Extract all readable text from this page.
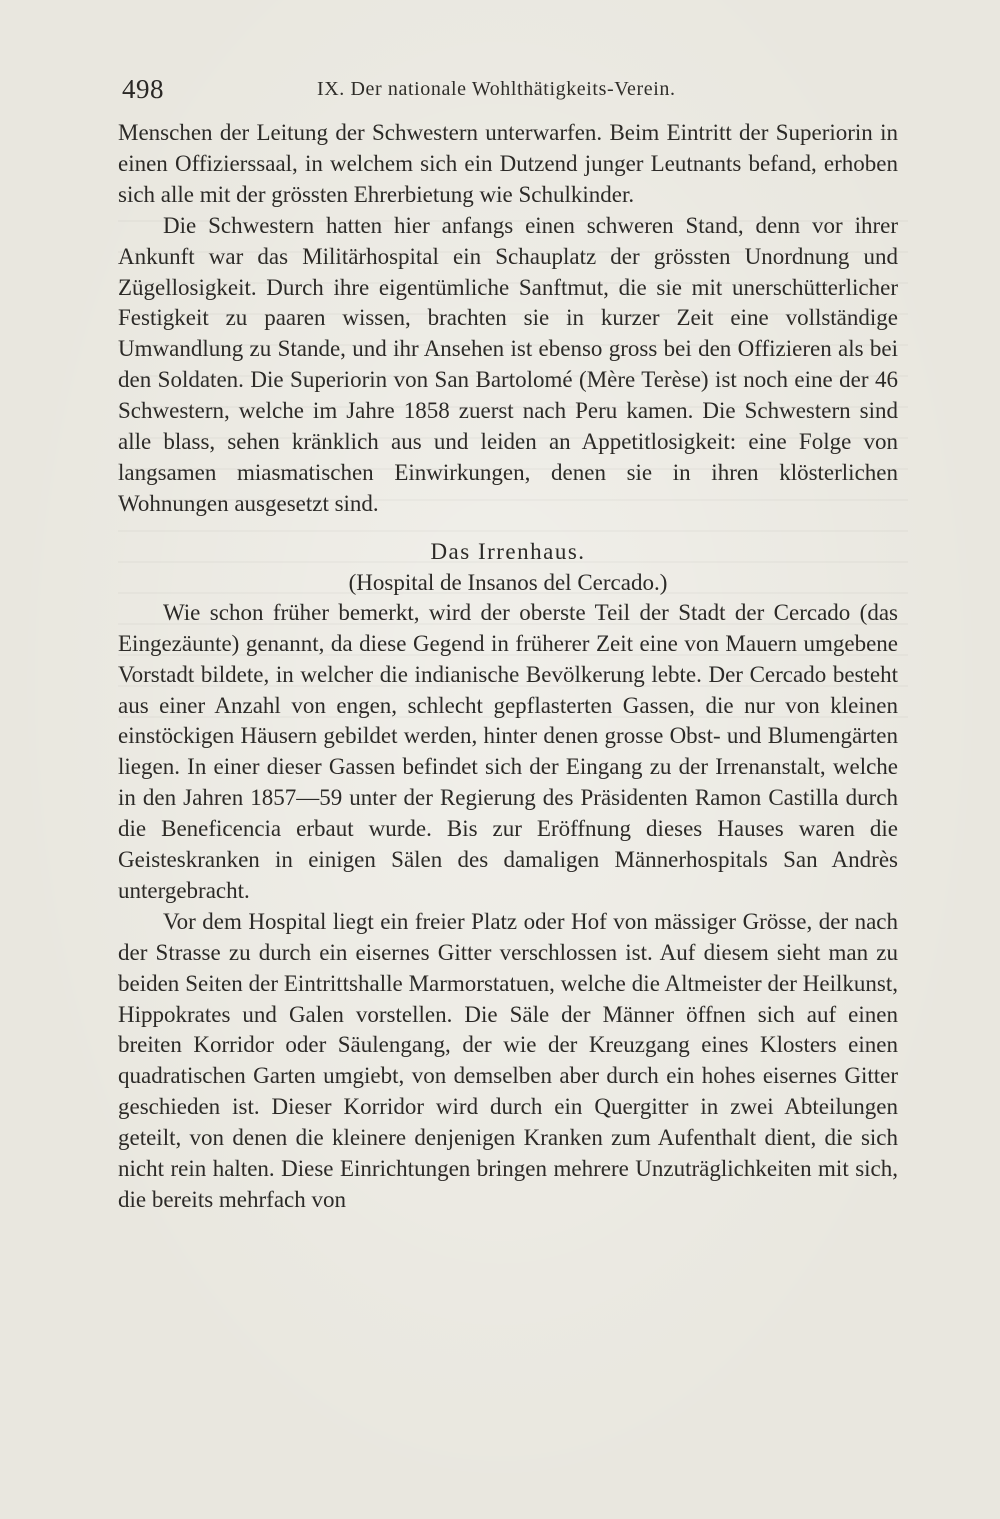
498	IX. Der nationale Wohlthätigkeits-Verein.

Menschen der Leitung der Schwestern unterwarfen. Beim Eintritt der Superiorin in einen Offizierssaal, in welchem sich ein Dutzend junger Leutnants befand, erhoben sich alle mit der grössten Ehrerbietung wie Schulkinder.

Die Schwestern hatten hier anfangs einen schweren Stand, denn vor ihrer Ankunft war das Militärhospital ein Schauplatz der grössten Unordnung und Zügellosigkeit. Durch ihre eigentümliche Sanftmut, die sie mit unerschütterlicher Festigkeit zu paaren wissen, brachten sie in kurzer Zeit eine vollständige Umwandlung zu Stande, und ihr Ansehen ist ebenso gross bei den Offizieren als bei den Soldaten. Die Superiorin von San Bartolomé (Mère Terèse) ist noch eine der 46 Schwestern, welche im Jahre 1858 zuerst nach Peru kamen. Die Schwestern sind alle blass, sehen kränklich aus und leiden an Appetitlosigkeit: eine Folge von langsamen miasmatischen Einwirkungen, denen sie in ihren klösterlichen Wohnungen ausgesetzt sind.

Das Irrenhaus.

(Hospital de Insanos del Cercado.)

Wie schon früher bemerkt, wird der oberste Teil der Stadt der Cercado (das Eingezäunte) genannt, da diese Gegend in früherer Zeit eine von Mauern umgebene Vorstadt bildete, in welcher die indianische Bevölkerung lebte. Der Cercado besteht aus einer Anzahl von engen, schlecht gepflasterten Gassen, die nur von kleinen einstöckigen Häusern gebildet werden, hinter denen grosse Obst- und Blumengärten liegen. In einer dieser Gassen befindet sich der Eingang zu der Irrenanstalt, welche in den Jahren 1857—59 unter der Regierung des Präsidenten Ramon Castilla durch die Beneficencia erbaut wurde. Bis zur Eröffnung dieses Hauses waren die Geisteskranken in einigen Sälen des damaligen Männerhospitals San Andrès untergebracht.

Vor dem Hospital liegt ein freier Platz oder Hof von mässiger Grösse, der nach der Strasse zu durch ein eisernes Gitter verschlossen ist. Auf diesem sieht man zu beiden Seiten der Eintrittshalle Marmorstatuen, welche die Altmeister der Heilkunst, Hippokrates und Galen vorstellen. Die Säle der Männer öffnen sich auf einen breiten Korridor oder Säulengang, der wie der Kreuzgang eines Klosters einen quadratischen Garten umgiebt, von demselben aber durch ein hohes eisernes Gitter geschieden ist. Dieser Korridor wird durch ein Quergitter in zwei Abteilungen geteilt, von denen die kleinere denjenigen Kranken zum Aufenthalt dient, die sich nicht rein halten. Diese Einrichtungen bringen mehrere Unzuträglichkeiten mit sich, die bereits mehrfach von
